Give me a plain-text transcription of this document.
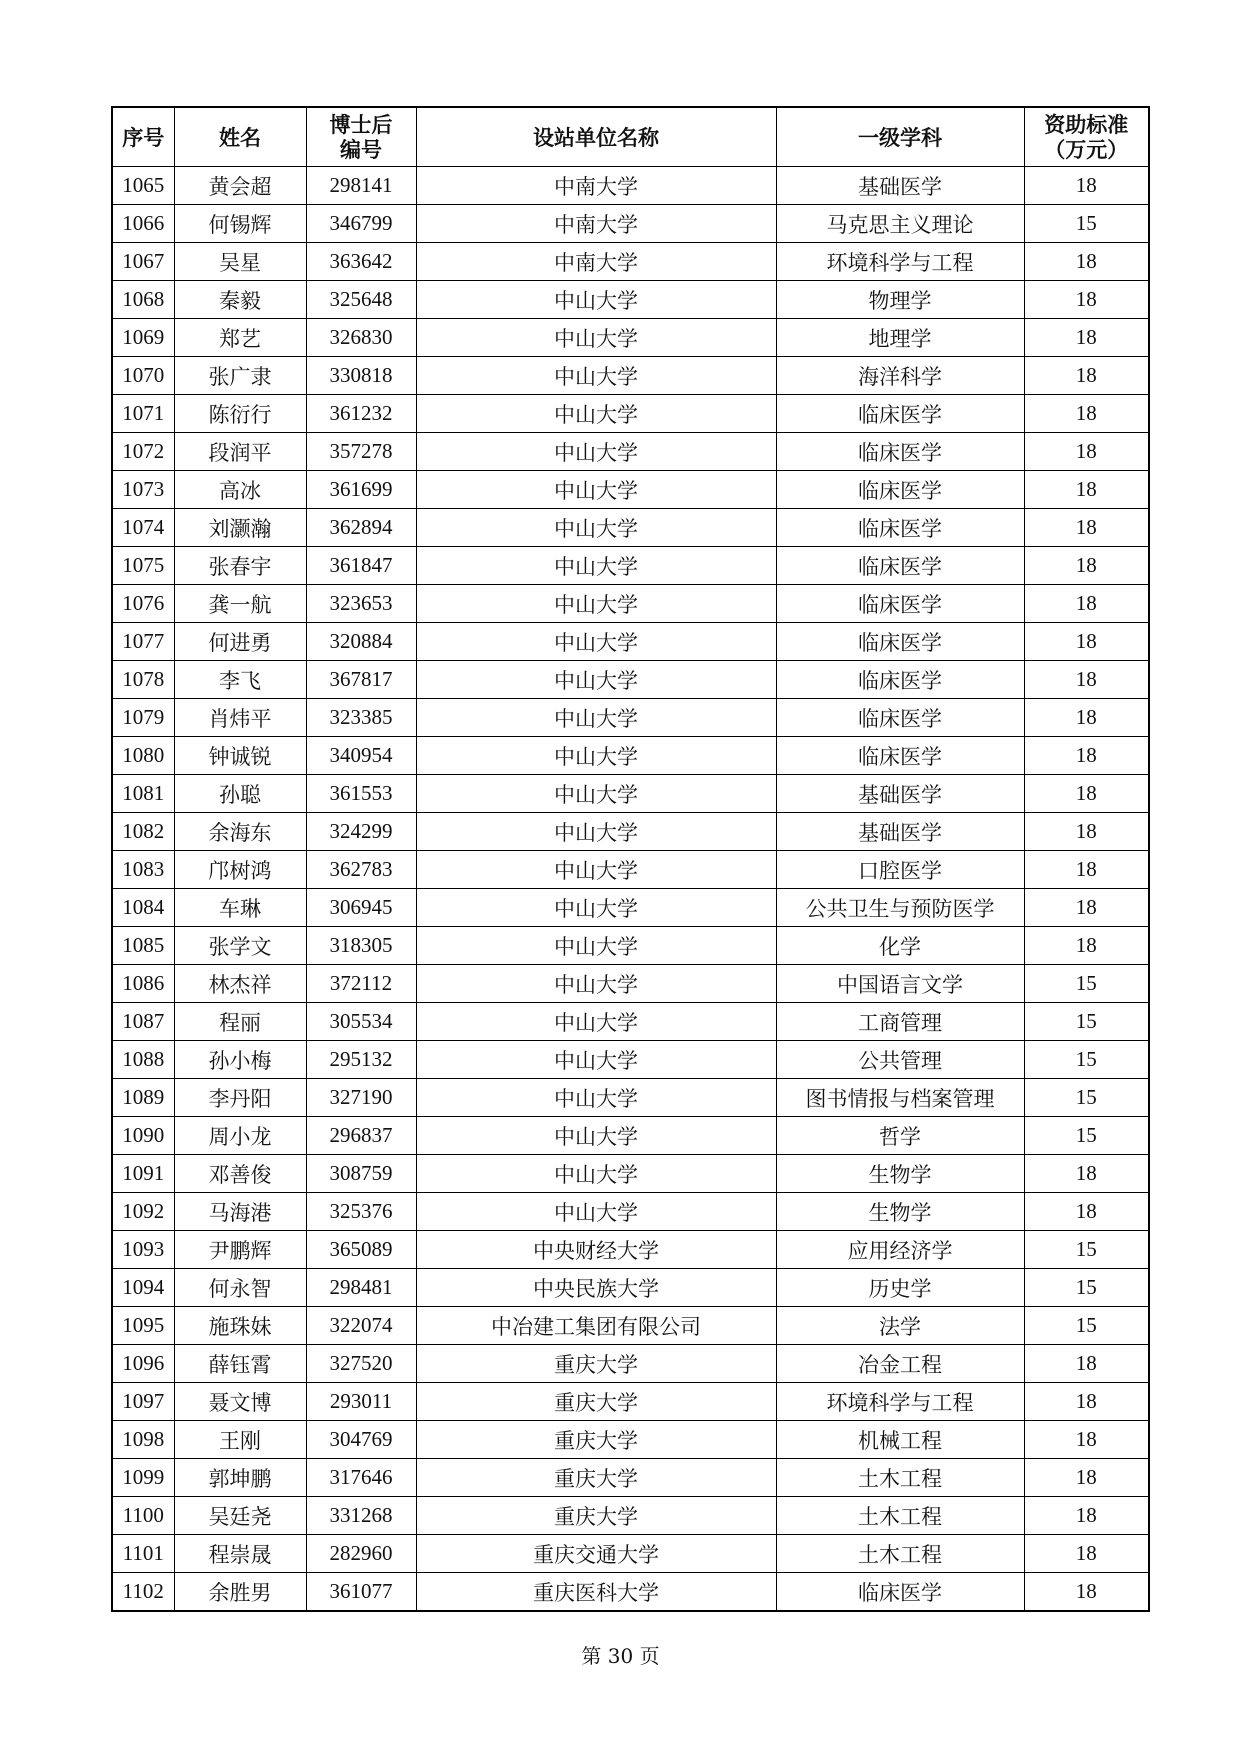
序号	姓名	博士后编号	设站单位名称	一级学科	资助标准（万元）
1065	黄会超	298141	中南大学	基础医学	18
1066	何锡辉	346799	中南大学	马克思主义理论	15
1067	吴星	363642	中南大学	环境科学与工程	18
1068	秦毅	325648	中山大学	物理学	18
1069	郑艺	326830	中山大学	地理学	18
1070	张广隶	330818	中山大学	海洋科学	18
1071	陈衍行	361232	中山大学	临床医学	18
1072	段润平	357278	中山大学	临床医学	18
1073	高冰	361699	中山大学	临床医学	18
1074	刘灏瀚	362894	中山大学	临床医学	18
1075	张春宇	361847	中山大学	临床医学	18
1076	龚一航	323653	中山大学	临床医学	18
1077	何进勇	320884	中山大学	临床医学	18
1078	李飞	367817	中山大学	临床医学	18
1079	肖炜平	323385	中山大学	临床医学	18
1080	钟诚锐	340954	中山大学	临床医学	18
1081	孙聪	361553	中山大学	基础医学	18
1082	余海东	324299	中山大学	基础医学	18
1083	邝树鸿	362783	中山大学	口腔医学	18
1084	车琳	306945	中山大学	公共卫生与预防医学	18
1085	张学文	318305	中山大学	化学	18
1086	林杰祥	372112	中山大学	中国语言文学	15
1087	程丽	305534	中山大学	工商管理	15
1088	孙小梅	295132	中山大学	公共管理	15
1089	李丹阳	327190	中山大学	图书情报与档案管理	15
1090	周小龙	296837	中山大学	哲学	15
1091	邓善俊	308759	中山大学	生物学	18
1092	马海港	325376	中山大学	生物学	18
1093	尹鹏辉	365089	中央财经大学	应用经济学	15
1094	何永智	298481	中央民族大学	历史学	15
1095	施珠妹	322074	中冶建工集团有限公司	法学	15
1096	薛钰霄	327520	重庆大学	冶金工程	18
1097	聂文博	293011	重庆大学	环境科学与工程	18
1098	王刚	304769	重庆大学	机械工程	18
1099	郭坤鹏	317646	重庆大学	土木工程	18
1100	吴廷尧	331268	重庆大学	土木工程	18
1101	程崇晟	282960	重庆交通大学	土木工程	18
1102	余胜男	361077	重庆医科大学	临床医学	18
第 30 页
